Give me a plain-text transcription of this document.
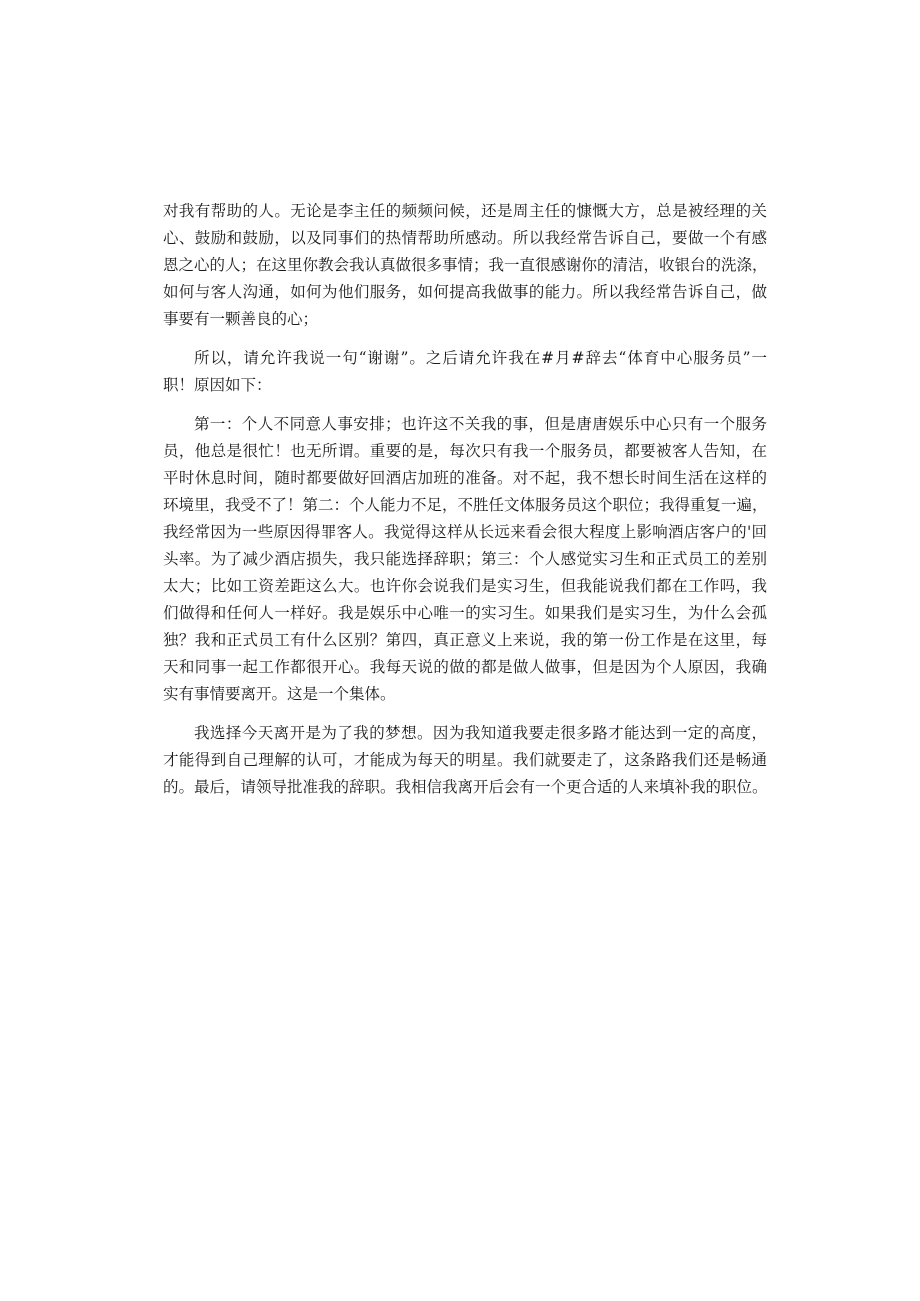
对我有帮助的人。无论是李主任的频频问候，还是周主任的慷慨大方，总是被经理的关
心、鼓励和鼓励，以及同事们的热情帮助所感动。所以我经常告诉自己，要做一个有感
恩之心的人；在这里你教会我认真做很多事情；我一直很感谢你的清洁，收银台的洗涤，
如何与客人沟通，如何为他们服务，如何提高我做事的能力。所以我经常告诉自己，做
事要有一颗善良的心；
所以，请允许我说一句“谢谢”。之后请允许我在#月#辞去“体育中心服务员”一
职！原因如下：
第一：个人不同意人事安排；也许这不关我的事，但是唐唐娱乐中心只有一个服务
员，他总是很忙！也无所谓。重要的是，每次只有我一个服务员，都要被客人告知，在
平时休息时间，随时都要做好回酒店加班的准备。对不起，我不想长时间生活在这样的
环境里，我受不了！第二：个人能力不足，不胜任文体服务员这个职位；我得重复一遍，
我经常因为一些原因得罪客人。我觉得这样从长远来看会很大程度上影响酒店客户的'回
头率。为了减少酒店损失，我只能选择辞职；第三：个人感觉实习生和正式员工的差别
太大；比如工资差距这么大。也许你会说我们是实习生，但我能说我们都在工作吗，我
们做得和任何人一样好。我是娱乐中心唯一的实习生。如果我们是实习生，为什么会孤
独？我和正式员工有什么区别？第四，真正意义上来说，我的第一份工作是在这里，每
天和同事一起工作都很开心。我每天说的做的都是做人做事，但是因为个人原因，我确
实有事情要离开。这是一个集体。
我选择今天离开是为了我的梦想。因为我知道我要走很多路才能达到一定的高度，
才能得到自己理解的认可，才能成为每天的明星。我们就要走了，这条路我们还是畅通
的。最后，请领导批准我的辞职。我相信我离开后会有一个更合适的人来填补我的职位。
